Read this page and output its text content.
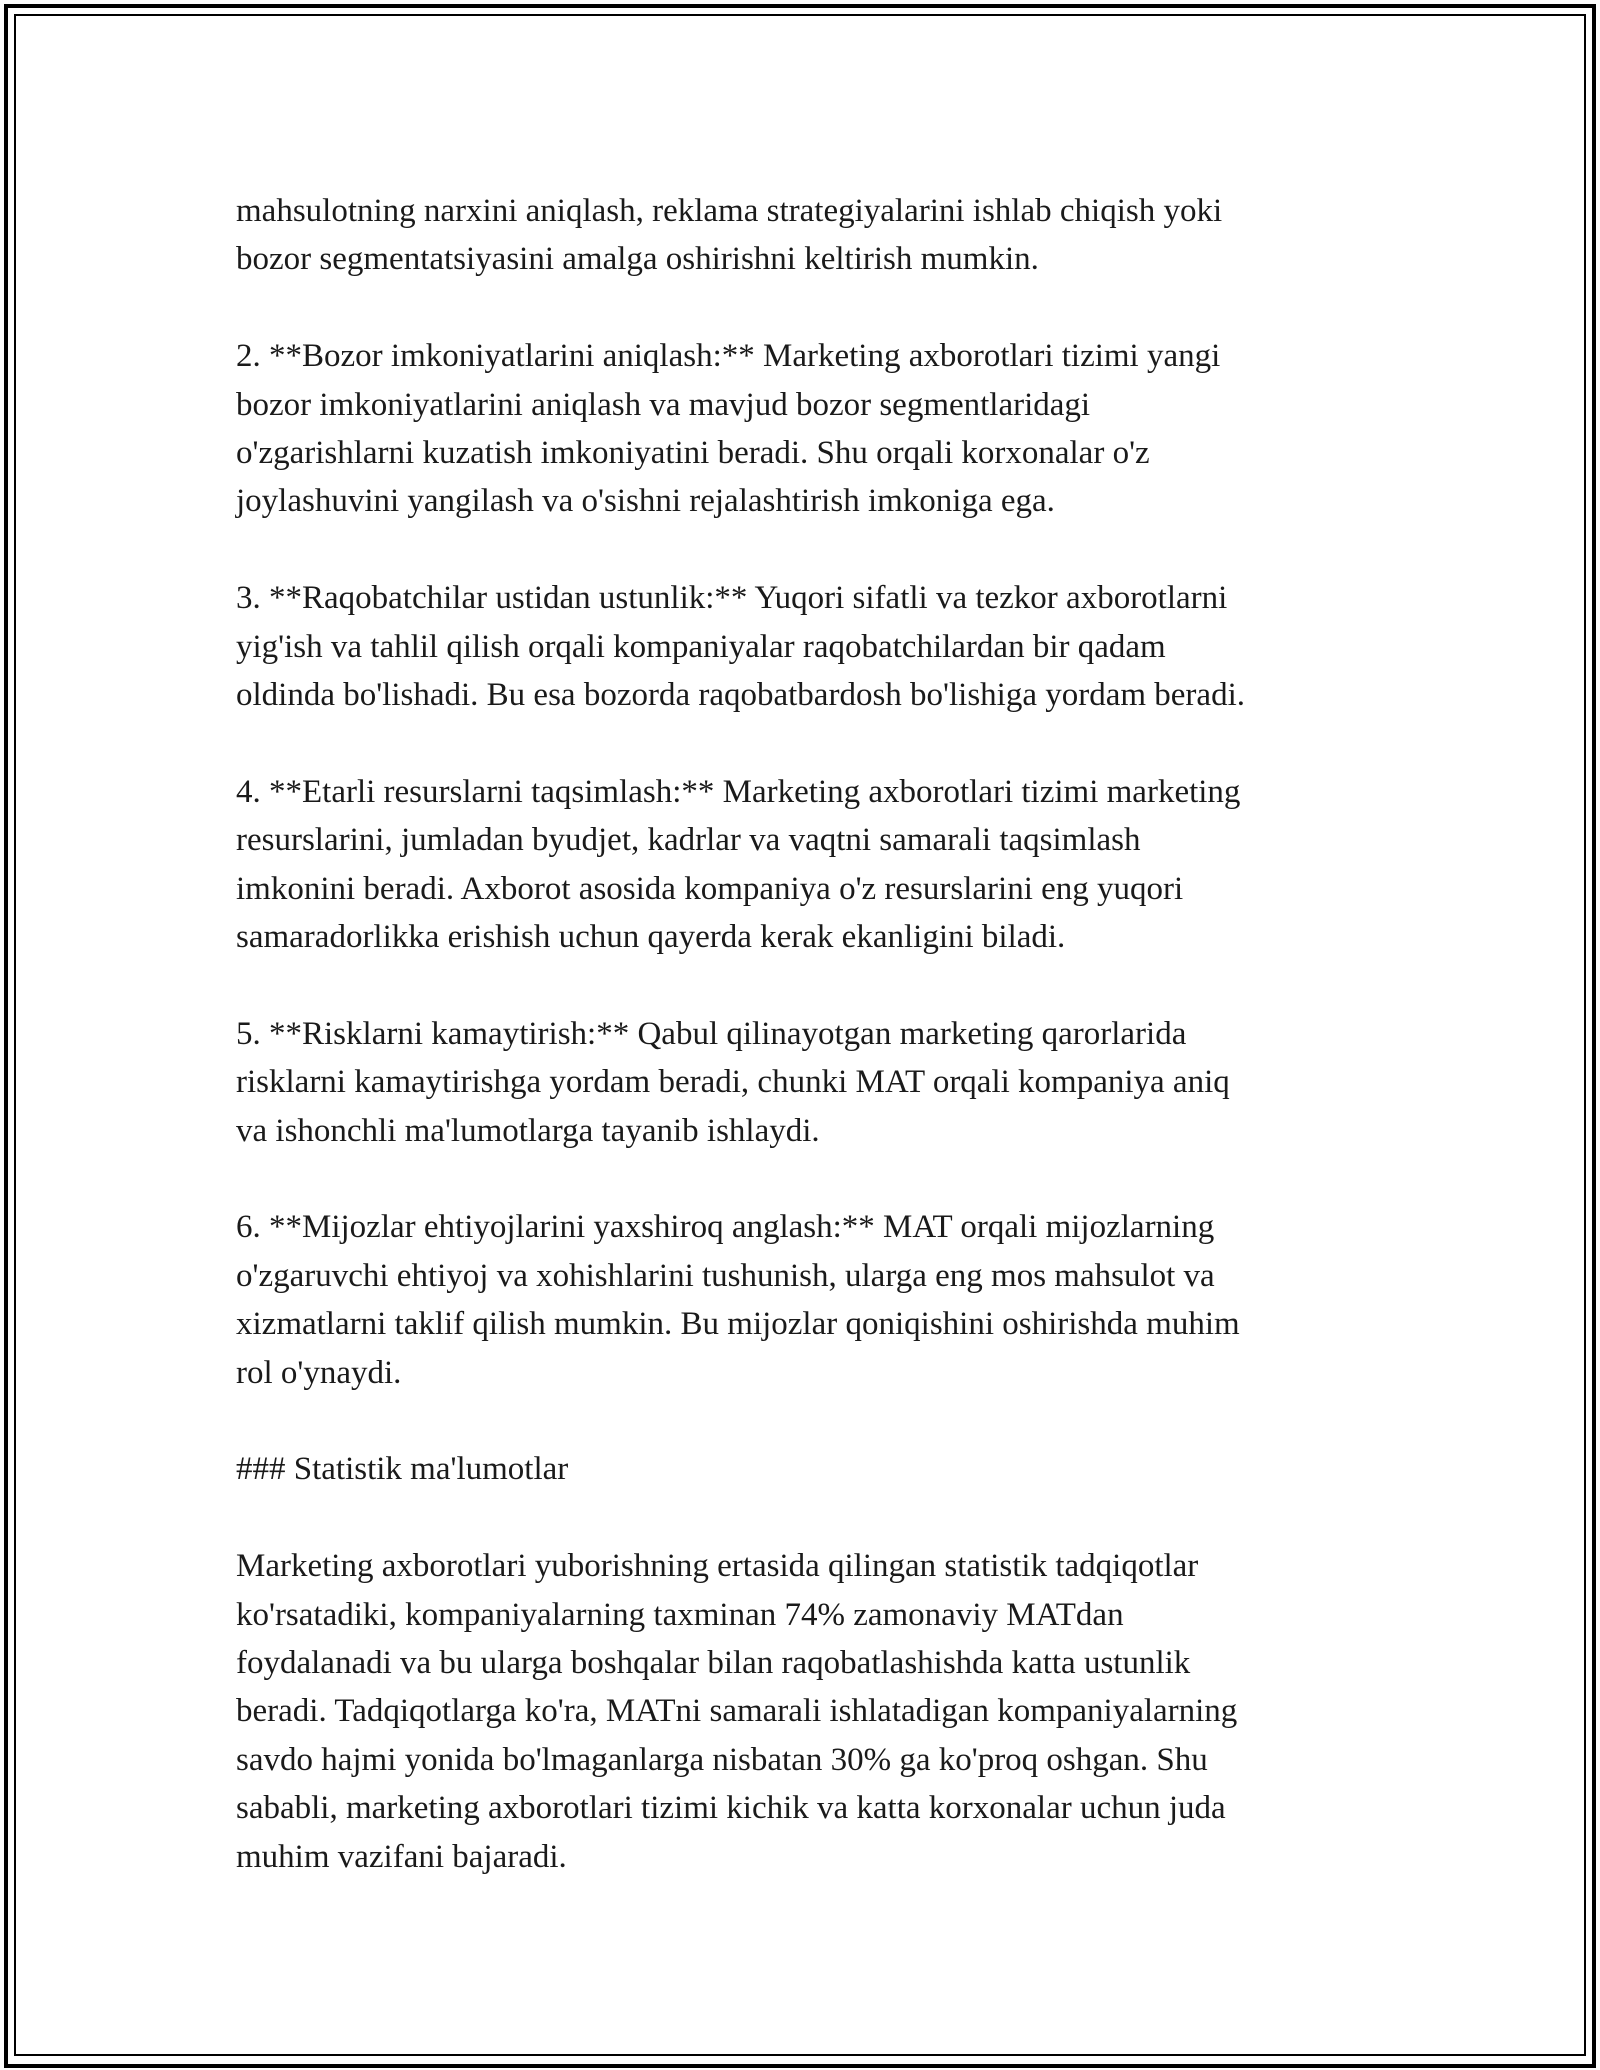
mahsulotning narxini aniqlash, reklama strategiyalarini ishlab chiqish yoki
bozor segmentatsiyasini amalga oshirishni keltirish mumkin.

2. **Bozor imkoniyatlarini aniqlash:** Marketing axborotlari tizimi yangi
bozor imkoniyatlarini aniqlash va mavjud bozor segmentlaridagi
o'zgarishlarni kuzatish imkoniyatini beradi. Shu orqali korxonalar o'z
joylashuvini yangilash va o'sishni rejalashtirish imkoniga ega.

3. **Raqobatchilar ustidan ustunlik:** Yuqori sifatli va tezkor axborotlarni
yig'ish va tahlil qilish orqali kompaniyalar raqobatchilardan bir qadam
oldinda bo'lishadi. Bu esa bozorda raqobatbardosh bo'lishiga yordam beradi.

4. **Etarli resurslarni taqsimlash:** Marketing axborotlari tizimi marketing
resurslarini, jumladan byudjet, kadrlar va vaqtni samarali taqsimlash
imkonini beradi. Axborot asosida kompaniya o'z resurslarini eng yuqori
samaradorlikka erishish uchun qayerda kerak ekanligini biladi.

5. **Risklarni kamaytirish:** Qabul qilinayotgan marketing qarorlarida
risklarni kamaytirishga yordam beradi, chunki MAT orqali kompaniya aniq
va ishonchli ma'lumotlarga tayanib ishlaydi.

6. **Mijozlar ehtiyojlarini yaxshiroq anglash:** MAT orqali mijozlarning
o'zgaruvchi ehtiyoj va xohishlarini tushunish, ularga eng mos mahsulot va
xizmatlarni taklif qilish mumkin. Bu mijozlar qoniqishini oshirishda muhim
rol o'ynaydi.

### Statistik ma'lumotlar

Marketing axborotlari yuborishning ertasida qilingan statistik tadqiqotlar
ko'rsatadiki, kompaniyalarning taxminan 74% zamonaviy MATdan
foydalanadi va bu ularga boshqalar bilan raqobatlashishda katta ustunlik
beradi. Tadqiqotlarga ko'ra, MATni samarali ishlatadigan kompaniyalarning
savdo hajmi yonida bo'lmaganlarga nisbatan 30% ga ko'proq oshgan. Shu
sababli, marketing axborotlari tizimi kichik va katta korxonalar uchun juda
muhim vazifani bajaradi.
